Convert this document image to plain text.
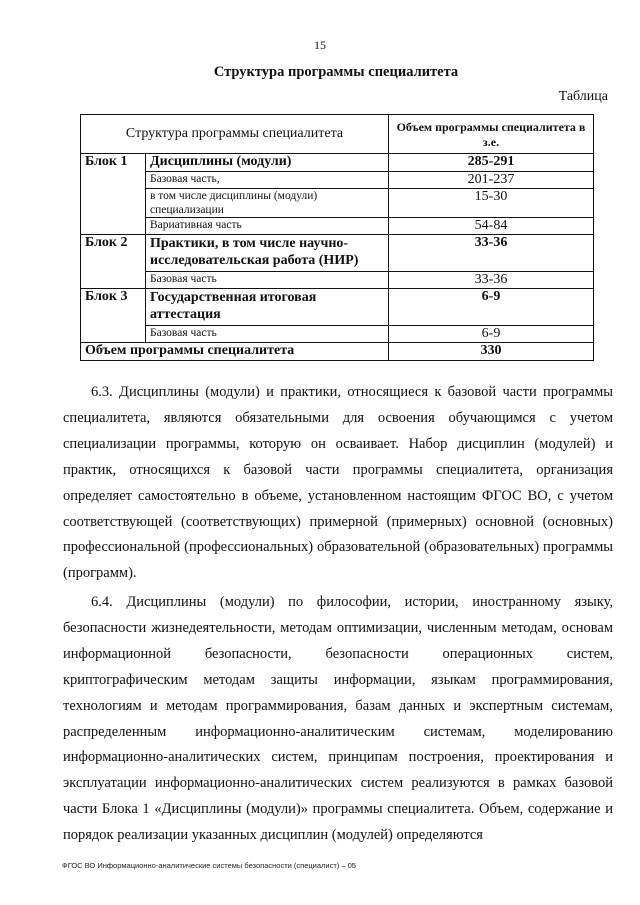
15
Структура программы специалитета
Таблица
Структура программы специалитета		Объем программы специалитета в з.е.
Блок 1	Дисциплины (модули)	285-291
	Базовая часть,	201-237
	в том числе дисциплины (модули) специализации	15-30
	Вариативная часть	54-84
Блок 2	Практики, в том числе научно-исследовательская работа (НИР)	33-36
	Базовая часть	33-36
Блок 3	Государственная итоговая аттестация	6-9
	Базовая часть	6-9
Объем программы специалитета		330

6.3. Дисциплины (модули) и практики, относящиеся к базовой части программы специалитета, являются обязательными для освоения обучающимся с учетом специализации программы, которую он осваивает. Набор дисциплин (модулей) и практик, относящихся к базовой части программы специалитета, организация определяет самостоятельно в объеме, установленном настоящим ФГОС ВО, с учетом соответствующей (соответствующих) примерной (примерных) основной (основных) профессиональной (профессиональных) образовательной (образовательных) программы (программ).

6.4. Дисциплины (модули) по философии, истории, иностранному языку, безопасности жизнедеятельности, методам оптимизации, численным методам, основам информационной безопасности, безопасности операционных систем, криптографическим методам защиты информации, языкам программирования, технологиям и методам программирования, базам данных и экспертным системам, распределенным информационно-аналитическим системам, моделированию информационно-аналитических систем, принципам построения, проектирования и эксплуатации информационно-аналитических систем реализуются в рамках базовой части Блока 1 «Дисциплины (модули)» программы специалитета. Объем, содержание и порядок реализации указанных дисциплин (модулей) определяются

ФГОС ВО Информационно-аналитические системы безопасности (специалист) – 05
